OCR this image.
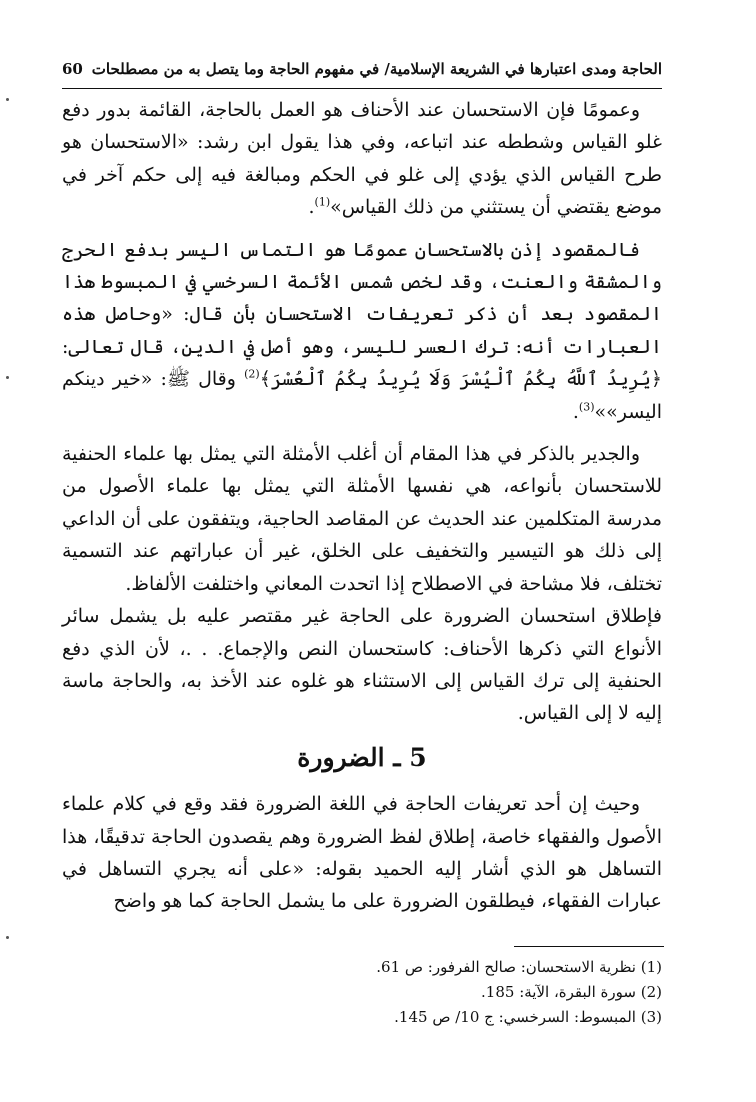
الحاجة ومدى اعتبارها في الشريعة الإسلامية/ في مفهوم الحاجة وما يتصل به من مصطلحات
60

وعمومًا فإن الاستحسان عند الأحناف هو العمل بالحاجة، القائمة بدور دفع غلو القياس وشططه عند اتباعه، وفي هذا يقول ابن رشد: «الاستحسان هو طرح القياس الذي يؤدي إلى غلو في الحكم ومبالغة فيه إلى حكم آخر في موضع يقتضي أن يستثني من ذلك القياس»$^{(1)}$.

فالمقصود إذن بالاستحسان عمومًا هو التماس اليسر بدفع الحرج والمشقة والعنت، وقد لخص شمس الأئمة السرخسي في المبسوط هذا المقصود بعد أن ذكر تعريفات الاستحسان بأن قال: «وحاصل هذه العبارات أنه: ترك العسر لليسر، وهو أصل في الدين، قال تعالى: ﴿يُرِيدُ ٱللَّهُ بِكُمُ ٱلْيُسْرَ وَلَا يُرِيدُ بِكُمُ ٱلْعُسْرَ﴾$^{(2)}$ وقال ﷺ: «خير دينكم اليسر»»$^{(3)}$.

والجدير بالذكر في هذا المقام أن أغلب الأمثلة التي يمثل بها علماء الحنفية للاستحسان بأنواعه، هي نفسها الأمثلة التي يمثل بها علماء الأصول من مدرسة المتكلمين عند الحديث عن المقاصد الحاجية، ويتفقون على أن الداعي إلى ذلك هو التيسير والتخفيف على الخلق، غير أن عباراتهم عند التسمية تختلف، فلا مشاحة في الاصطلاح إذا اتحدت المعاني واختلفت الألفاظ.

فإطلاق استحسان الضرورة على الحاجة غير مقتصر عليه بل يشمل سائر الأنواع التي ذكرها الأحناف: كاستحسان النص والإجماع. . .، لأن الذي دفع الحنفية إلى ترك القياس إلى الاستثناء هو غلوه عند الأخذ به، والحاجة ماسة إليه لا إلى القياس.

5 ـ الضرورة

وحيث إن أحد تعريفات الحاجة في اللغة الضرورة فقد وقع في كلام علماء الأصول والفقهاء خاصة، إطلاق لفظ الضرورة وهم يقصدون الحاجة تدقيقًا، هذا التساهل هو الذي أشار إليه الحميد بقوله: «على أنه يجري التساهل في عبارات الفقهاء، فيطلقون الضرورة على ما يشمل الحاجة كما هو واضح

(1) نظرية الاستحسان: صالح الفرفور: ص 61.
(2) سورة البقرة، الآية: 185.
(3) المبسوط: السرخسي: ج 10/ ص 145.
